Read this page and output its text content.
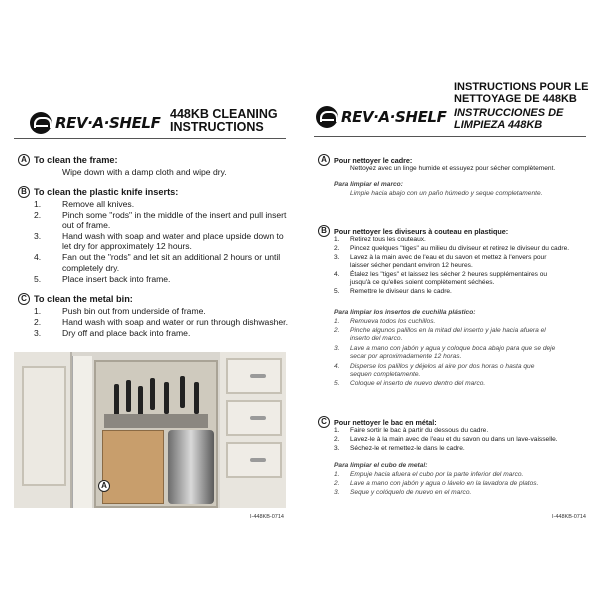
REV·A·SHELF 448KB CLEANING
INSTRUCTIONS
A To clean the frame:
Wipe down with a damp cloth and wipe dry.
B To clean the plastic knife inserts:
1. Remove all knives.
2. Pinch some "rods" in the middle of the insert and pull insert
out of frame.
3. Hand wash with soap and water and place upside down to
let dry for approximately 12 hours.
4. Fan out the "rods" and let sit an additional 2 hours or until
completely dry.
5. Place insert back into frame.
C To clean the metal bin:
1. Push bin out from underside of frame.
2. Hand wash with soap and water or run through dishwasher.
3. Dry off and place back into frame.
A
I-448KB-0714
REV·A·SHELF
INSTRUCTIONS POUR LE
NETTOYAGE DE 448KB
INSTRUCCIONES DE
LIMPIEZA 448KB
A Pour nettoyer le cadre:
Nettoyez avec un linge humide et essuyez pour sécher complètement.
Para limpiar el marco:
Limpie hacia abajo con un paño húmedo y seque completamente.
B Pour nettoyer les diviseurs à couteau en plastique:
1. Retirez tous les couteaux.
2. Pincez quelques "tiges" au milieu du diviseur et retirez le diviseur du cadre.
3. Lavez à la main avec de l'eau et du savon et mettez à l'envers pour
laisser sécher pendant environ 12 heures.
4. Étalez les "tiges" et laissez les sécher 2 heures supplémentaires ou
jusqu'à ce qu'elles soient complètement séchées.
5. Remettre le diviseur dans le cadre.
Para limpiar los insertos de cuchilla plástico:
1. Remueva todos los cuchillos.
2. Pinche algunos palillos en la mitad del inserto y jale hacia afuera el
inserto del marco.
3. Lave a mano con jabón y agua y coloque boca abajo para que se deje
secar por aproximadamente 12 horas.
4. Disperse los palillos y déjelos al aire por dos horas o hasta que
sequen completamente.
5. Coloque el inserto de nuevo dentro del marco.
C Pour nettoyer le bac en métal:
1. Faire sortir le bac à partir du dessous du cadre.
2. Lavez-le à la main avec de l'eau et du savon ou dans un lave-vaisselle.
3. Séchez-le et remettez-le dans le cadre.
Para limpiar el cubo de metal:
1. Empuje hacia afuera el cubo por la parte inferior del marco.
2. Lave a mano con jabón y agua o lávelo en la lavadora de platos.
3. Seque y colóquelo de nuevo en el marco.
I-448KB-0714
